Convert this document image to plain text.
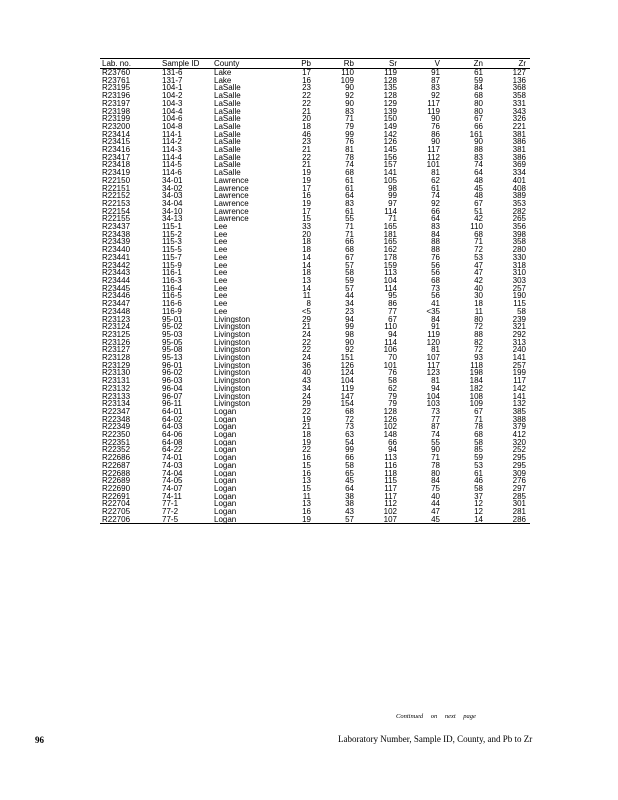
Lab. no.	Sample ID	County	Pb	Rb	Sr	V	Zn	Zr
R23760	131-6	Lake	17	110	119	91	61	127
R23761	131-7	Lake	16	109	128	87	59	136
R23195	104-1	LaSalle	23	90	135	83	84	368
R23196	104-2	LaSalle	22	92	128	92	68	358
R23197	104-3	LaSalle	22	90	129	117	80	331
R23198	104-4	LaSalle	21	83	139	119	80	343
R23199	104-6	LaSalle	20	71	150	90	67	326
R23200	104-8	LaSalle	18	79	149	76	66	221
R23414	114-1	LaSalle	46	99	142	86	161	381
R23415	114-2	LaSalle	23	76	126	90	90	386
R23416	114-3	LaSalle	21	81	145	117	88	381
R23417	114-4	LaSalle	22	78	156	112	83	386
R23418	114-5	LaSalle	21	74	157	101	74	369
R23419	114-6	LaSalle	19	68	141	81	64	334
R22150	34-01	Lawrence	19	61	105	62	48	401
R22151	34-02	Lawrence	17	61	98	61	45	408
R22152	34-03	Lawrence	16	64	99	74	48	389
R22153	34-04	Lawrence	19	83	97	92	67	353
R22154	34-10	Lawrence	17	61	114	66	51	282
R22155	34-13	Lawrence	15	55	71	64	42	265
R23437	115-1	Lee	33	71	165	83	110	356
R23438	115-2	Lee	20	71	181	84	68	398
R23439	115-3	Lee	18	66	165	88	71	358
R23440	115-5	Lee	18	68	162	88	72	280
R23441	115-7	Lee	14	67	178	76	53	330
R23442	115-9	Lee	14	57	159	56	47	318
R23443	116-1	Lee	18	58	113	56	47	310
R23444	116-3	Lee	13	59	104	68	42	303
R23445	116-4	Lee	14	57	114	73	40	257
R23446	116-5	Lee	11	44	95	56	30	190
R23447	116-6	Lee	8	34	86	41	18	115
R23448	116-9	Lee	<5	23	77	<35	11	58
R23123	95-01	Livingston	29	94	67	84	80	239
R23124	95-02	Livingston	21	99	110	91	72	321
R23125	95-03	Livingston	24	98	94	119	88	292
R23126	95-05	Livingston	22	90	114	120	82	313
R23127	95-08	Livingston	22	92	106	81	72	240
R23128	95-13	Livingston	24	151	70	107	93	141
R23129	96-01	Livingston	36	126	101	117	118	257
R23130	96-02	Livingston	40	124	76	123	198	199
R23131	96-03	Livingston	43	104	58	81	184	117
R23132	96-04	Livingston	34	119	62	94	182	142
R23133	96-07	Livingston	24	147	79	104	108	141
R23134	96-11	Livingston	29	154	79	103	109	132
R22347	64-01	Logan	22	68	128	73	67	385
R22348	64-02	Logan	19	72	126	77	71	388
R22349	64-03	Logan	21	73	102	87	78	379
R22350	64-06	Logan	18	63	148	74	68	412
R22351	64-08	Logan	19	54	66	55	58	320
R22352	64-22	Logan	22	99	94	90	85	252
R22686	74-01	Logan	16	66	113	71	59	295
R22687	74-03	Logan	15	58	116	78	53	295
R22688	74-04	Logan	16	65	118	80	61	309
R22689	74-05	Logan	13	45	115	84	46	276
R22690	74-07	Logan	15	64	117	75	58	297
R22691	74-11	Logan	11	38	117	40	37	285
R22704	77-1	Logan	13	38	112	44	12	301
R22705	77-2	Logan	16	43	102	47	12	281
R22706	77-5	Logan	19	57	107	45	14	286
Continued on next page
96	Laboratory Number, Sample ID, County, and Pb to Zr
